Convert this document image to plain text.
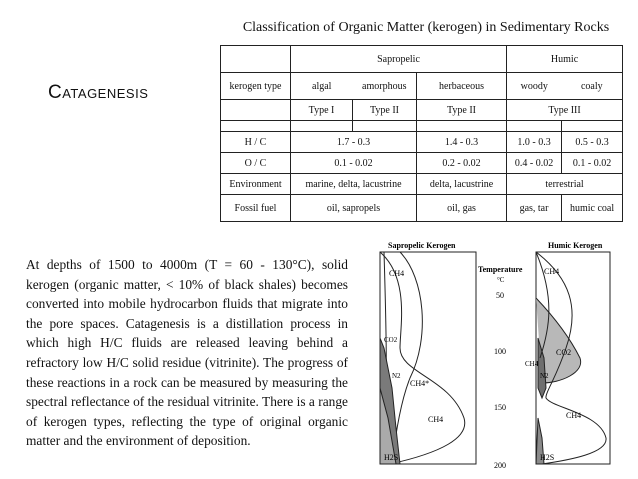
Classification of Organic Matter (kerogen) in Sedimentary Rocks
Catagenesis
	Sapropelic			Humic	
kerogen type	algal	amorphous	herbaceous	woody	coaly
	Type I	Type II	Type II	Type III	

H / C	1.7 - 0.3		1.4 - 0.3	1.0 - 0.3	0.5 - 0.3
O / C	0.1 - 0.02		0.2 - 0.02	0.4 - 0.02	0.1 - 0.02
Environment	marine, delta, lacustrine		delta, lacustrine	terrestrial	
Fossil fuel	oil, sapropels		oil, gas	gas, tar	humic coal
At depths of 1500 to 4000m (T = 60 - 130°C), solid kerogen (organic matter, < 10% of black shales) becomes converted into mobile hydrocarbon fluids that migrate into the pore spaces. Catagenesis is a distillation process in which high H/C fluids are released leaving behind a refractory low H/C solid residue (vitrinite). The progress of these reactions in a rock can be measured by measuring the spectral reflectance of the residual vitrinite. There is a range of kerogen types, reflecting the type of original organic matter and the environment of deposition.
Sapropelic Kerogen
CH4
CO2
N2
CH4*
CH4
H2S
Temperature
°C
50
100
150
200
Humic Kerogen
CH4
CO2
CH4
N2
CH4
H2S
